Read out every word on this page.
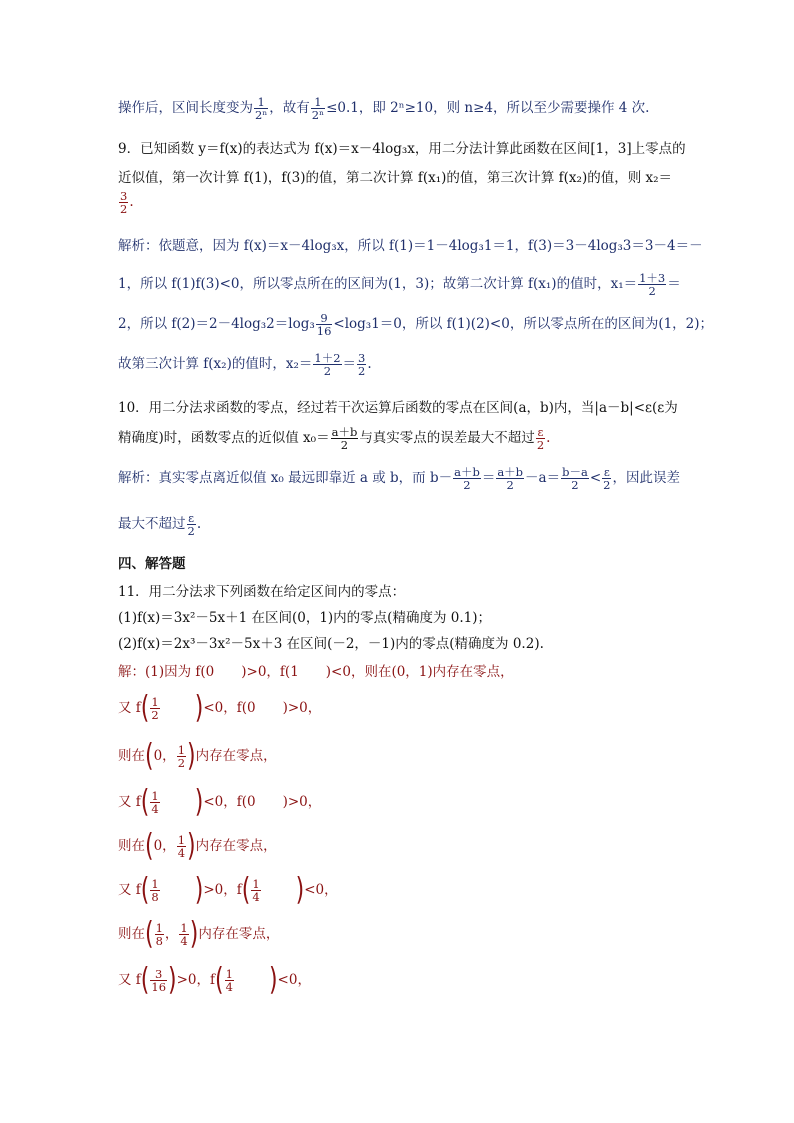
操作后，区间长度变为 $\frac{1}{\text{2ⁿ}}$ ，故有 $\frac{1}{\text{2ⁿ}} \le 0.1$，即 2ⁿ≥10，则 n≥4，所以至少需要操作 4 次.
9．已知函数 y＝f(x)的表达式为 f(x)＝x－4log₃x，用二分法计算此函数在区间[1，3]上零点的
近似值，第一次计算 f(1)，f(3)的值，第二次计算 f(x₁)的值，第三次计算 f(x₂)的值，则 x₂＝
$\frac{3}{2}$ .
解析：依题意，因为 f(x)＝x－4log₃x，所以 f(1)＝1－4log₃1＝1，f(3)＝3－4log₃3＝3－4＝－
1，所以 f(1)f(3)<0，所以零点所在的区间为(1，3)；故第二次计算 f(x₁)的值时，$x_1= \frac{1+3}{2}$ ＝
2，所以 $f(2)=2-4\log_32=\log_3 \frac{9}{16} <\log_31=0$，所以 f(1)(2)<0，所以零点所在的区间为(1，2)；
故第三次计算 f(x₂)的值时，$x_2= \frac{1+2}{2} = \frac{3}{2}$ .
10．用二分法求函数的零点，经过若干次运算后函数的零点在区间(a，b)内，当|a－b|<ε(ε为
精确度)时，函数零点的近似值 $x_0= \frac{a+b}{2}$ 与真实零点的误差最大不超过 $\frac{\varepsilon}{2}$ .
解析：真实零点离近似值 x₀ 最远即靠近 a 或 b，而 $b- \frac{a+b}{2} = \frac{a+b}{2} -a= \frac{b-a}{2} < \frac{\varepsilon}{2}$ ，因此误差
最大不超过 $\frac{\varepsilon}{2}$ .
四、解答题
11．用二分法求下列函数在给定区间内的零点：
(1)f(x)＝3x²－5x＋1 在区间(0，1)内的零点(精确度为 0.1)；
(2)f(x)＝2x³－3x²－5x＋3 在区间(－2，－1)内的零点(精确度为 0.2).
解：(1)因为 f(0　　)>0，f(1　　)<0，则在(0，1)内存在零点，
又 $f( \frac{1}{2} )<0$，f(0　　)>0，
则在(0， $\frac{1}{2}$ )内存在零点，
又 $f( \frac{1}{4} )<0$，f(0　　)>0，
则在(0， $\frac{1}{4}$ )内存在零点，
又 $f( \frac{1}{8} )>0$，$f( \frac{1}{4} )<0$，
则在( $\frac{1}{8}$ ， $\frac{1}{4}$ )内存在零点，
又 $f( \frac{3}{16} )>0$，$f( \frac{1}{4} )<0$，
